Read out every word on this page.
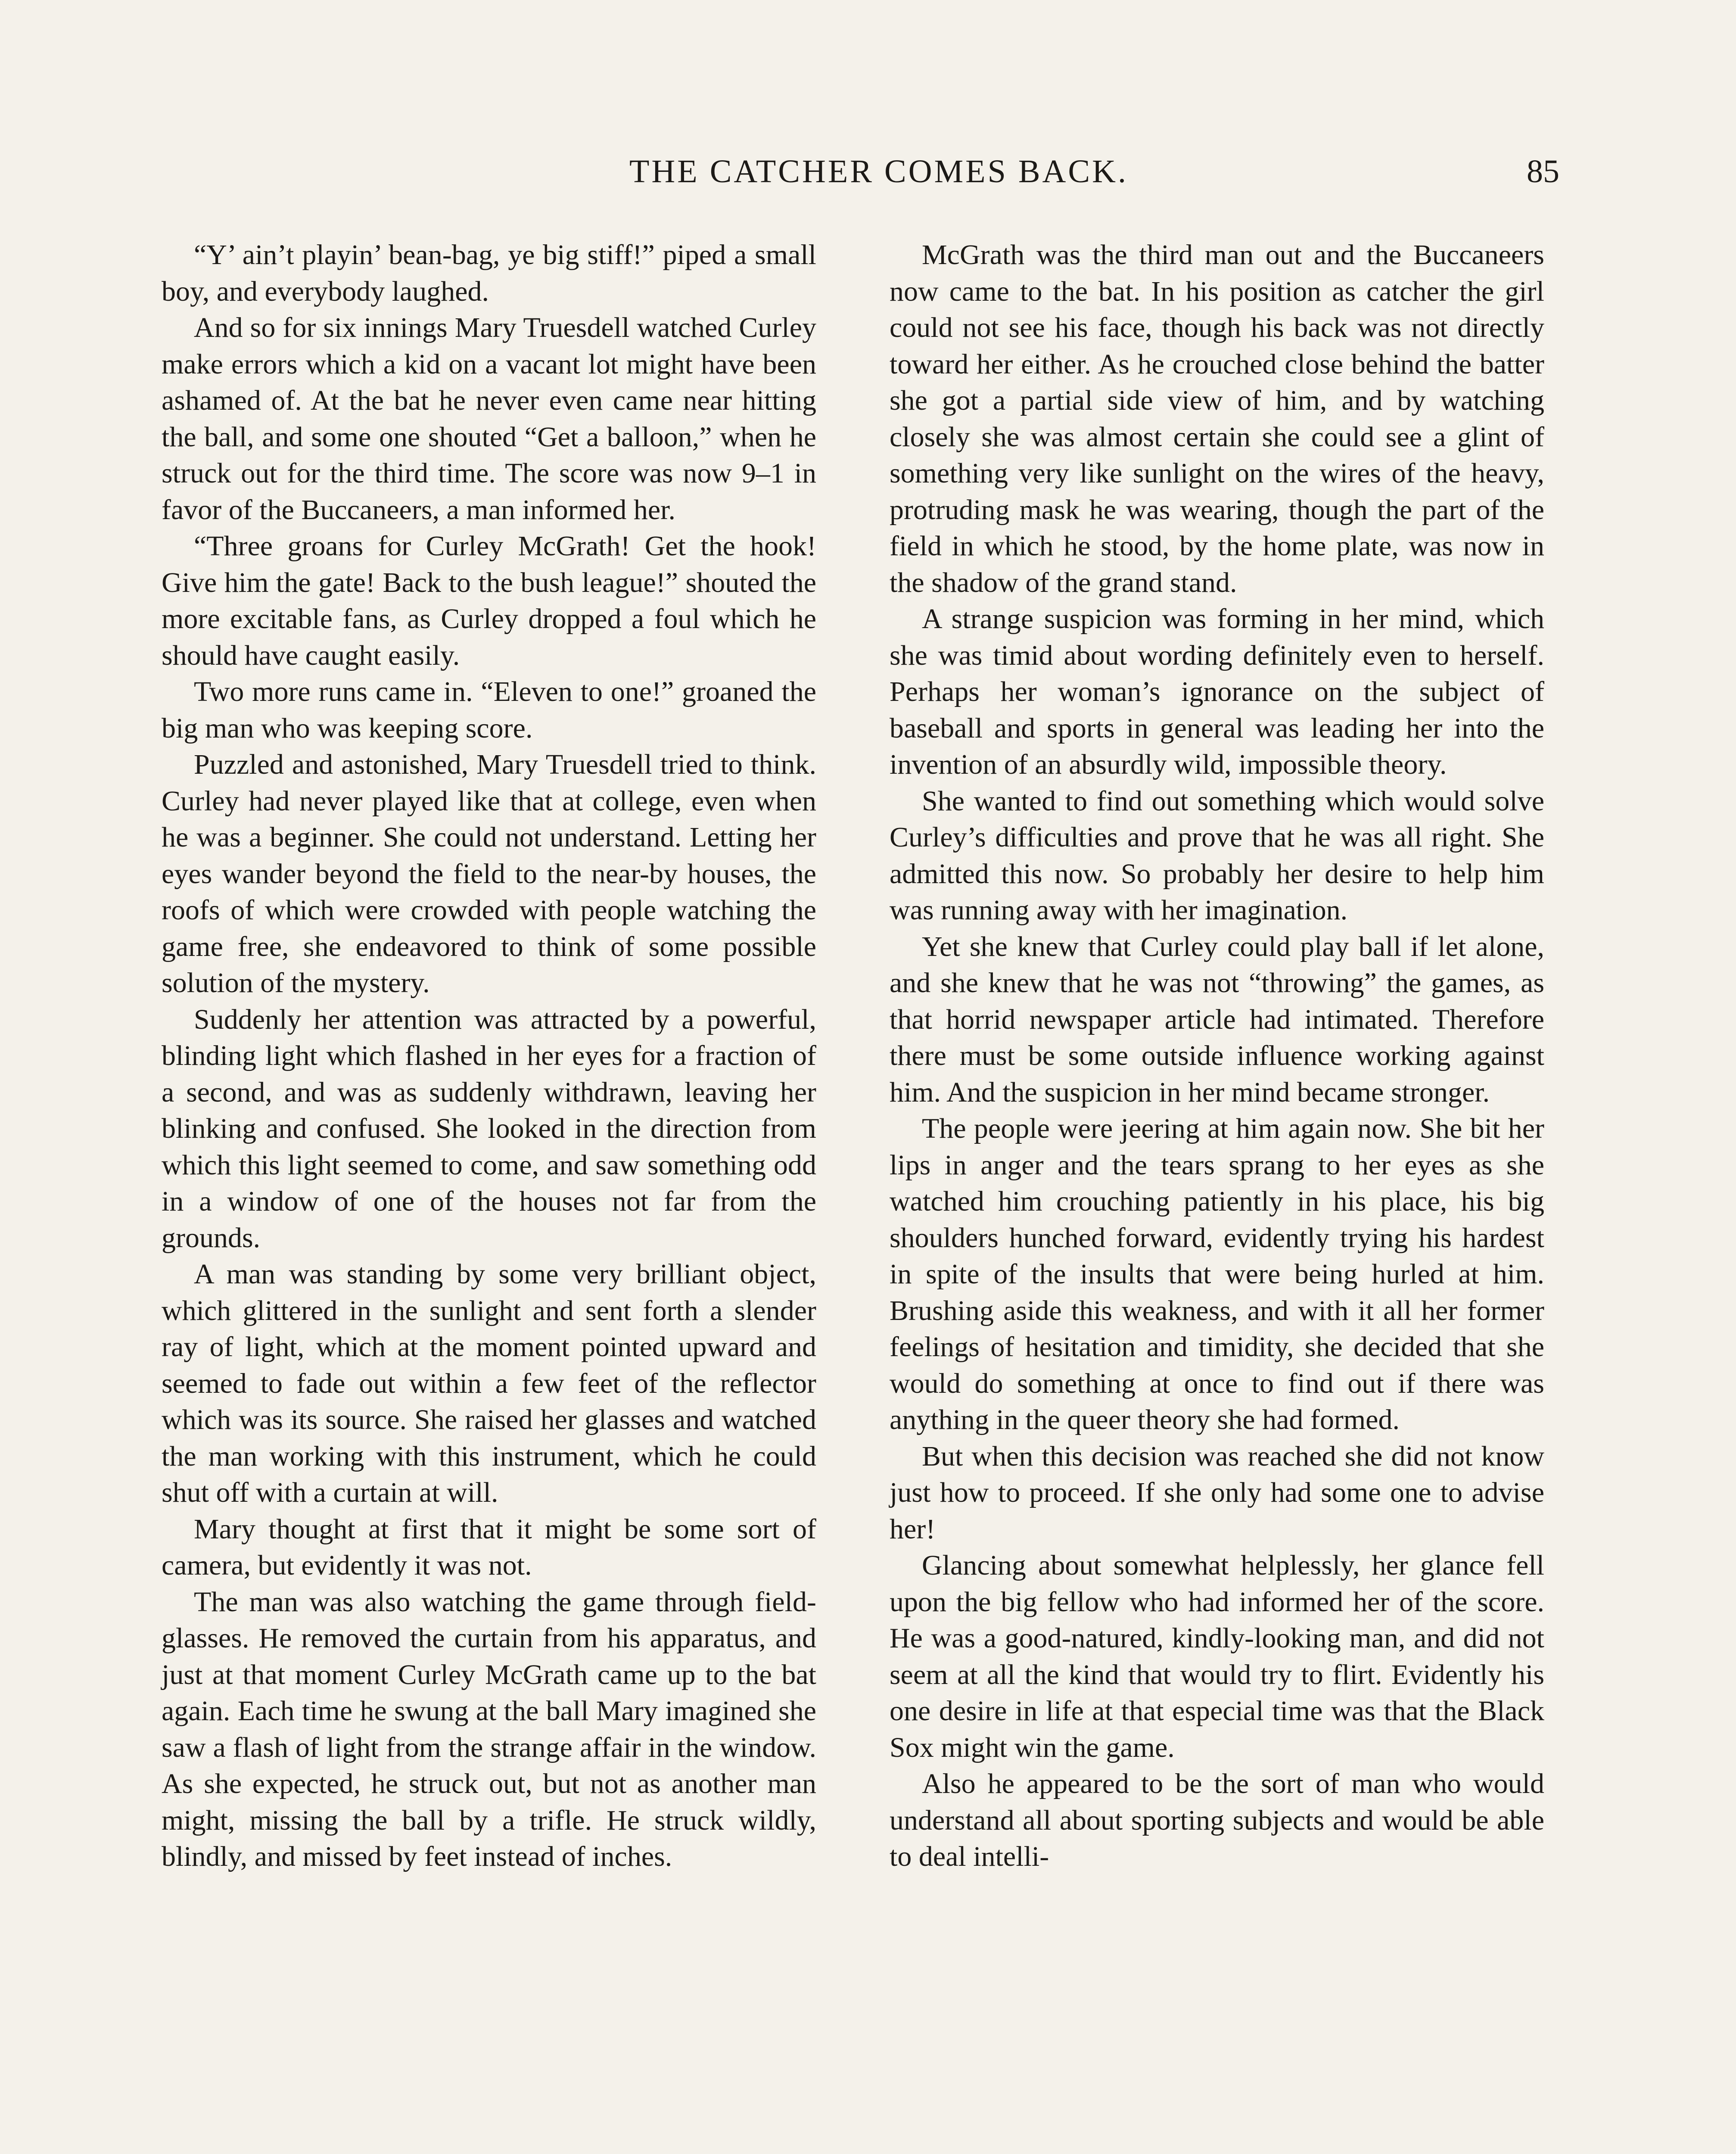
THE CATCHER COMES BACK.	85

“Y’ ain’t playin’ bean-bag, ye big stiff!” piped a small boy, and everybody laughed.

And so for six innings Mary Truesdell watched Curley make errors which a kid on a vacant lot might have been ashamed of. At the bat he never even came near hitting the ball, and some one shouted “Get a balloon,” when he struck out for the third time. The score was now 9–1 in favor of the Buccaneers, a man informed her.

“Three groans for Curley McGrath! Get the hook! Give him the gate! Back to the bush league!” shouted the more excitable fans, as Curley dropped a foul which he should have caught easily.

Two more runs came in. “Eleven to one!” groaned the big man who was keeping score.

Puzzled and astonished, Mary Truesdell tried to think. Curley had never played like that at college, even when he was a beginner. She could not understand. Letting her eyes wander beyond the field to the near-by houses, the roofs of which were crowded with people watching the game free, she endeavored to think of some possible solution of the mystery.

Suddenly her attention was attracted by a powerful, blinding light which flashed in her eyes for a fraction of a second, and was as suddenly withdrawn, leaving her blinking and confused. She looked in the direction from which this light seemed to come, and saw something odd in a window of one of the houses not far from the grounds.

A man was standing by some very brilliant object, which glittered in the sunlight and sent forth a slender ray of light, which at the moment pointed upward and seemed to fade out within a few feet of the reflector which was its source. She raised her glasses and watched the man working with this instrument, which he could shut off with a curtain at will.

Mary thought at first that it might be some sort of camera, but evidently it was not.

The man was also watching the game through field-glasses. He removed the curtain from his apparatus, and just at that moment Curley McGrath came up to the bat again. Each time he swung at the ball Mary imagined she saw a flash of light from the strange affair in the window. As she expected, he struck out, but not as another man might, missing the ball by a trifle. He struck wildly, blindly, and missed by feet instead of inches.

McGrath was the third man out and the Buccaneers now came to the bat. In his position as catcher the girl could not see his face, though his back was not directly toward her either. As he crouched close behind the batter she got a partial side view of him, and by watching closely she was almost certain she could see a glint of something very like sunlight on the wires of the heavy, protruding mask he was wearing, though the part of the field in which he stood, by the home plate, was now in the shadow of the grand stand.

A strange suspicion was forming in her mind, which she was timid about wording definitely even to herself. Perhaps her woman’s ignorance on the subject of baseball and sports in general was leading her into the invention of an absurdly wild, impossible theory.

She wanted to find out something which would solve Curley’s difficulties and prove that he was all right. She admitted this now. So probably her desire to help him was running away with her imagination.

Yet she knew that Curley could play ball if let alone, and she knew that he was not “throwing” the games, as that horrid newspaper article had intimated. Therefore there must be some outside influence working against him. And the suspicion in her mind became stronger.

The people were jeering at him again now. She bit her lips in anger and the tears sprang to her eyes as she watched him crouching patiently in his place, his big shoulders hunched forward, evidently trying his hardest in spite of the insults that were being hurled at him. Brushing aside this weakness, and with it all her former feelings of hesitation and timidity, she decided that she would do something at once to find out if there was anything in the queer theory she had formed.

But when this decision was reached she did not know just how to proceed. If she only had some one to advise her!

Glancing about somewhat helplessly, her glance fell upon the big fellow who had informed her of the score. He was a good-natured, kindly-looking man, and did not seem at all the kind that would try to flirt. Evidently his one desire in life at that especial time was that the Black Sox might win the game.

Also he appeared to be the sort of man who would understand all about sporting subjects and would be able to deal intelli-
